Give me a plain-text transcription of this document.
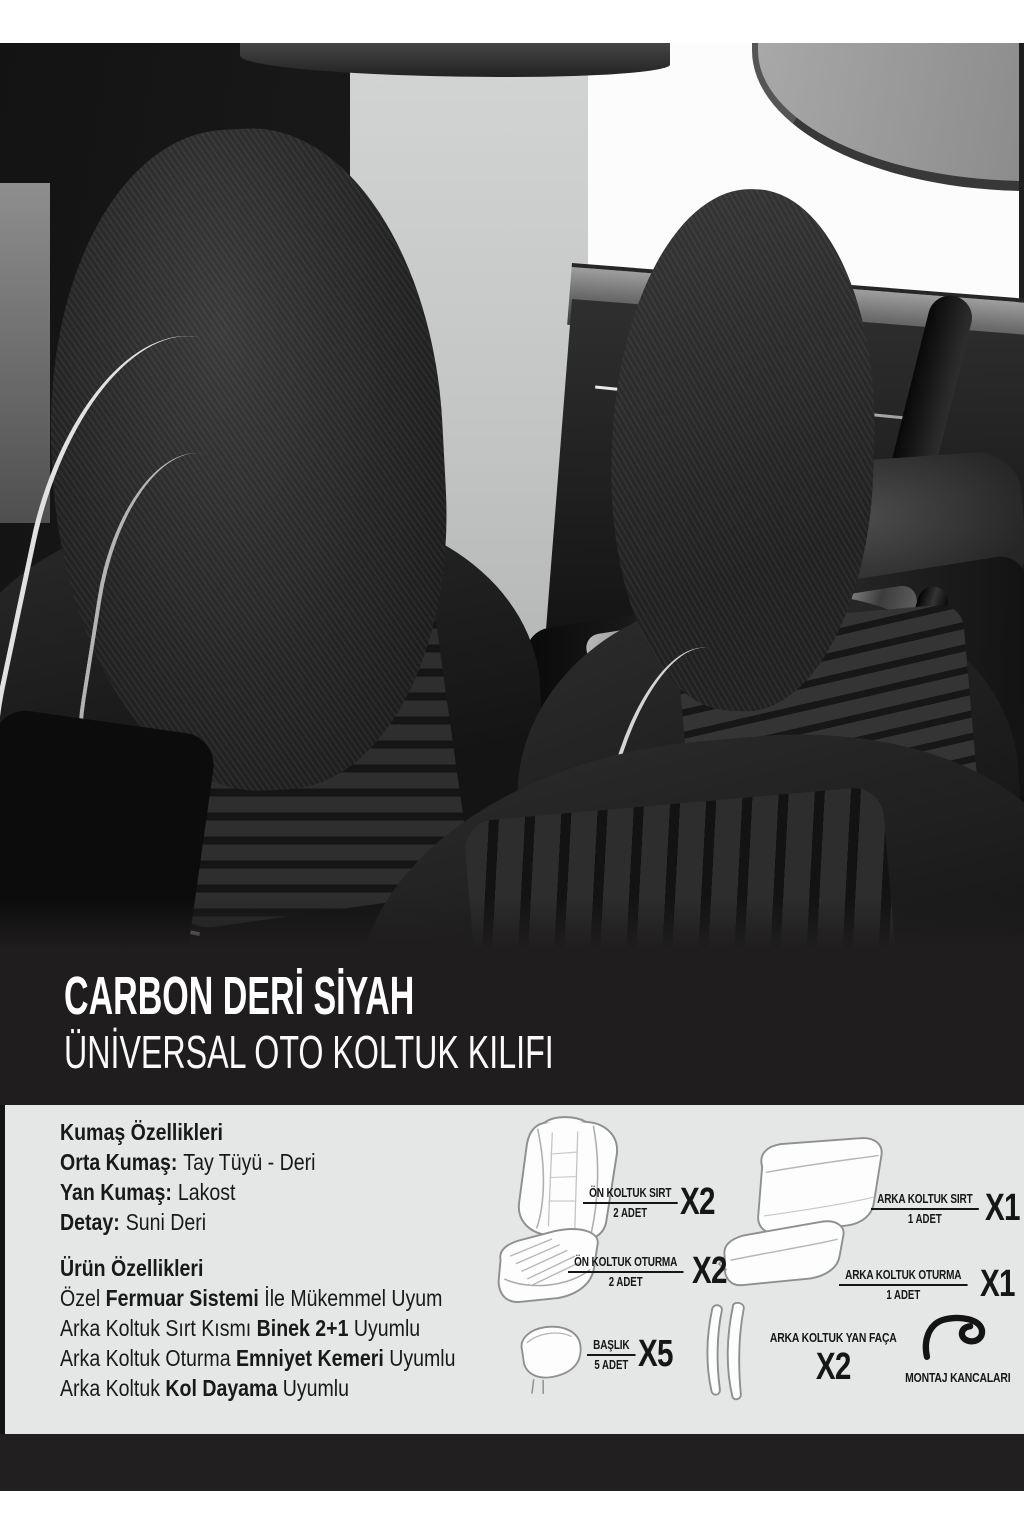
CARBON DERİ SİYAH
ÜNİVERSAL OTO KOLTUK KILIFI
Kumaş Özellikleri
Orta Kumaş: Tay Tüyü - Deri
Yan Kumaş: Lakost
Detay: Suni Deri
Ürün Özellikleri
Özel Fermuar Sistemi İle Mükemmel Uyum
Arka Koltuk Sırt Kısmı Binek 2+1 Uyumlu
Arka Koltuk Oturma Emniyet Kemeri Uyumlu
Arka Koltuk Kol Dayama Uyumlu
ÖN KOLTUK SIRT
2 ADET X2
ÖN KOLTUK OTURMA
2 ADET X2
ARKA KOLTUK SIRT
1 ADET X1
ARKA KOLTUK OTURMA
1 ADET X1
BAŞLIK
5 ADET X5	ARKA KOLTUK YAN FAÇA
X2	MONTAJ KANCALARI
